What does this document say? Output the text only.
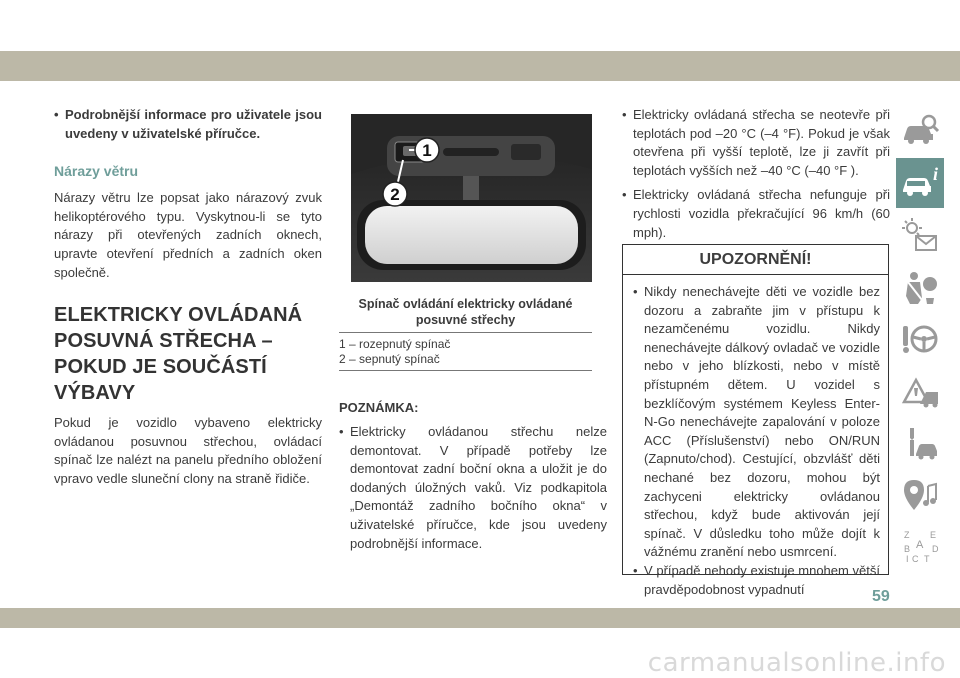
• Podrobnější informace pro uživatele jsou uvedeny v uživatelské příručce.

Nárazy větru

Nárazy větru lze popsat jako nárazový zvuk helikoptérového typu. Vyskytnou-li se tyto nárazy při otevřených zadních oknech, upravte otevření předních a zadních oken společně.

ELEKTRICKY OVLÁDANÁ
POSUVNÁ STŘECHA –
POKUD JE SOUČÁSTÍ
VÝBAVY

Pokud je vozidlo vybaveno elektricky ovládanou posuvnou střechou, ovládací spínač lze nalézt na panelu předního obložení vpravo vedle sluneční clony na straně řidiče.

1
2
Spínač ovládání elektricky ovládané posuvné střechy
1 – rozepnutý spínač
2 – sepnutý spínač
POZNÁMKA:

• Elektricky ovládanou střechu nelze demontovat. V případě potřeby lze demontovat zadní boční okna a uložit je do dodaných úložných vaků. Viz podkapitola „Demontáž zadního bočního okna“ v uživatelské příručce, kde jsou uvedeny podrobnější informace.

• Elektricky ovládaná střecha se neotevře při teplotách pod –20 °C (–4 °F). Pokud je však otevřena při vyšší teplotě, lze ji zavřít při teplotách vyšších než –40 °C (–40 °F ).

• Elektricky ovládaná střecha nefunguje při rychlosti vozidla překračující 96 km/h (60 mph).

UPOZORNĚNÍ!

• Nikdy nenechávejte děti ve vozidle bez dozoru a zabraňte jim v přístupu k nezamčenému vozidlu. Nikdy nenechávejte dálkový ovladač ve vozidle nebo v jeho blízkosti, nebo v místě přístupném dětem. U vozidel s bezklíčovým systémem Keyless Enter-N-Go nenechávejte zapalování v poloze ACC (Příslušenství) nebo ON/RUN (Zapnuto/chod). Cestující, obzvlášť děti nechané bez dozoru, mohou být zachyceni elektricky ovládanou střechou, když bude aktivován její spínač. V důsledku toho může dojít k vážnému zranění nebo usmrcení.

• V případě nehody existuje mnohem větší pravděpodobnost vypadnutí

i
Z E
A
B D
C T
I
59
carmanualsonline.info
